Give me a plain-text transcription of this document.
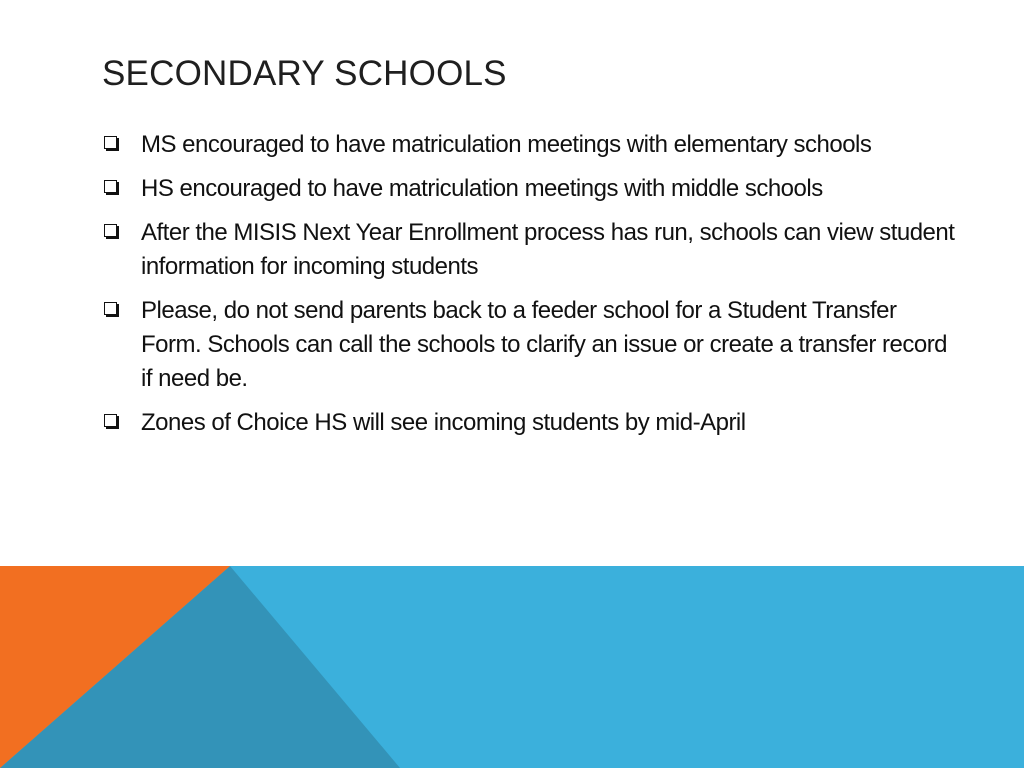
SECONDARY SCHOOLS
MS encouraged to have matriculation meetings with elementary schools
HS encouraged to have matriculation meetings with middle schools
After the MISIS Next Year Enrollment process has run, schools can view student information for incoming students
Please, do not send parents back to a feeder school for a Student Transfer Form. Schools can call the schools to clarify an issue or create a transfer record if need be.
Zones of Choice HS will see incoming students by mid-April
